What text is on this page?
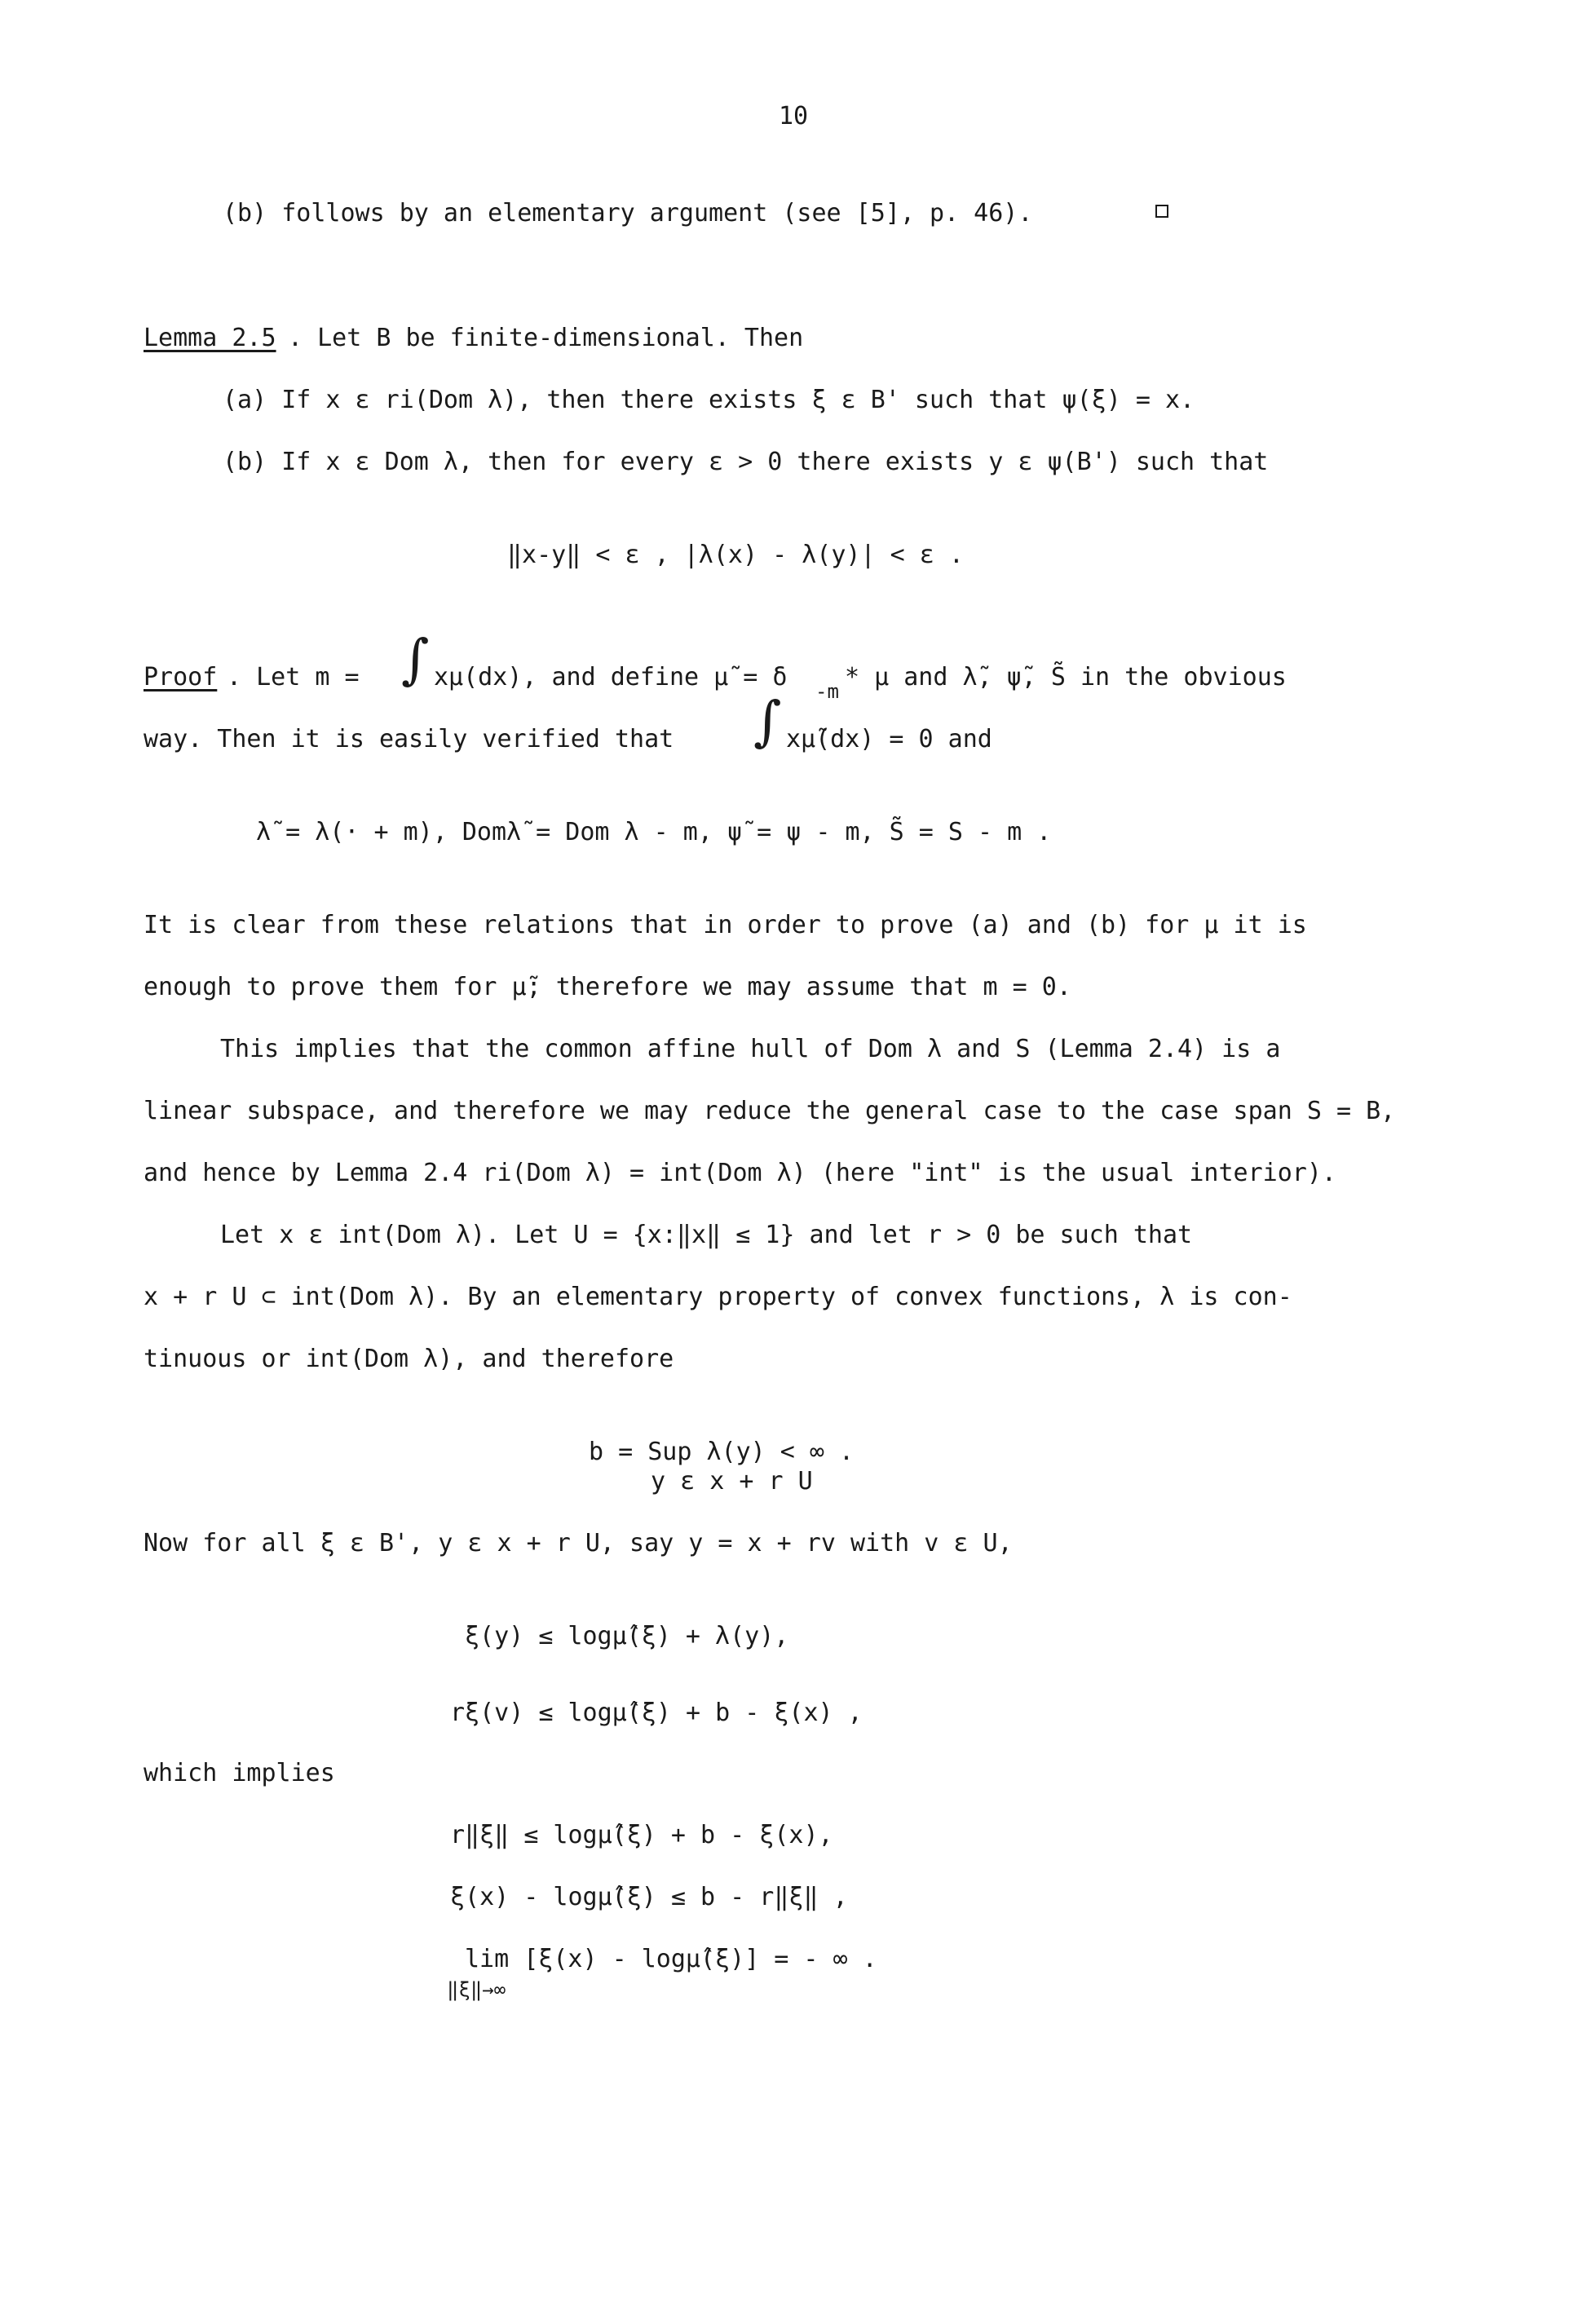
10
(b) follows by an elementary argument (see [5], p. 46).
Lemma 2.5 . Let B be finite-dimensional. Then
(a) If x ε ri(Dom λ), then there exists ξ ε B' such that ψ(ξ) = x.
(b) If x ε Dom λ, then for every ε > 0 there exists y ε ψ(B') such that
‖x-y‖ < ε , |λ(x) - λ(y)| < ε .
Proof . Let m = ∫ xμ(dx), and define μ̃ = δ -m * μ and λ̃, ψ̃, S̃ in the obvious
way. Then it is easily verified that ∫ xμ̃(dx) = 0 and
λ̃ = λ(· + m), Domλ̃ = Dom λ - m, ψ̃ = ψ - m, S̃ = S - m .
It is clear from these relations that in order to prove (a) and (b) for μ it is
enough to prove them for μ̃; therefore we may assume that m = 0.
This implies that the common affine hull of Dom λ and S (Lemma 2.4) is a
linear subspace, and therefore we may reduce the general case to the case span S = B,
and hence by Lemma 2.4 ri(Dom λ) = int(Dom λ) (here "int" is the usual interior).
Let x ε int(Dom λ). Let U = {x:‖x‖ ≤ 1} and let r > 0 be such that
x + r U ⊂ int(Dom λ). By an elementary property of convex functions, λ is con-
tinuous or int(Dom λ), and therefore
b = Sup λ(y) < ∞ .
y ε x + r U
Now for all ξ ε B', y ε x + r U, say y = x + rv with v ε U,
ξ(y) ≤ logμ̂(ξ) + λ(y),
rξ(v) ≤ logμ̂(ξ) + b - ξ(x) ,
which implies
r‖ξ‖ ≤ logμ̂(ξ) + b - ξ(x),
ξ(x) - logμ̂(ξ) ≤ b - r‖ξ‖ ,
lim [ξ(x) - logμ̂(ξ)] = - ∞ .
‖ξ‖→∞
